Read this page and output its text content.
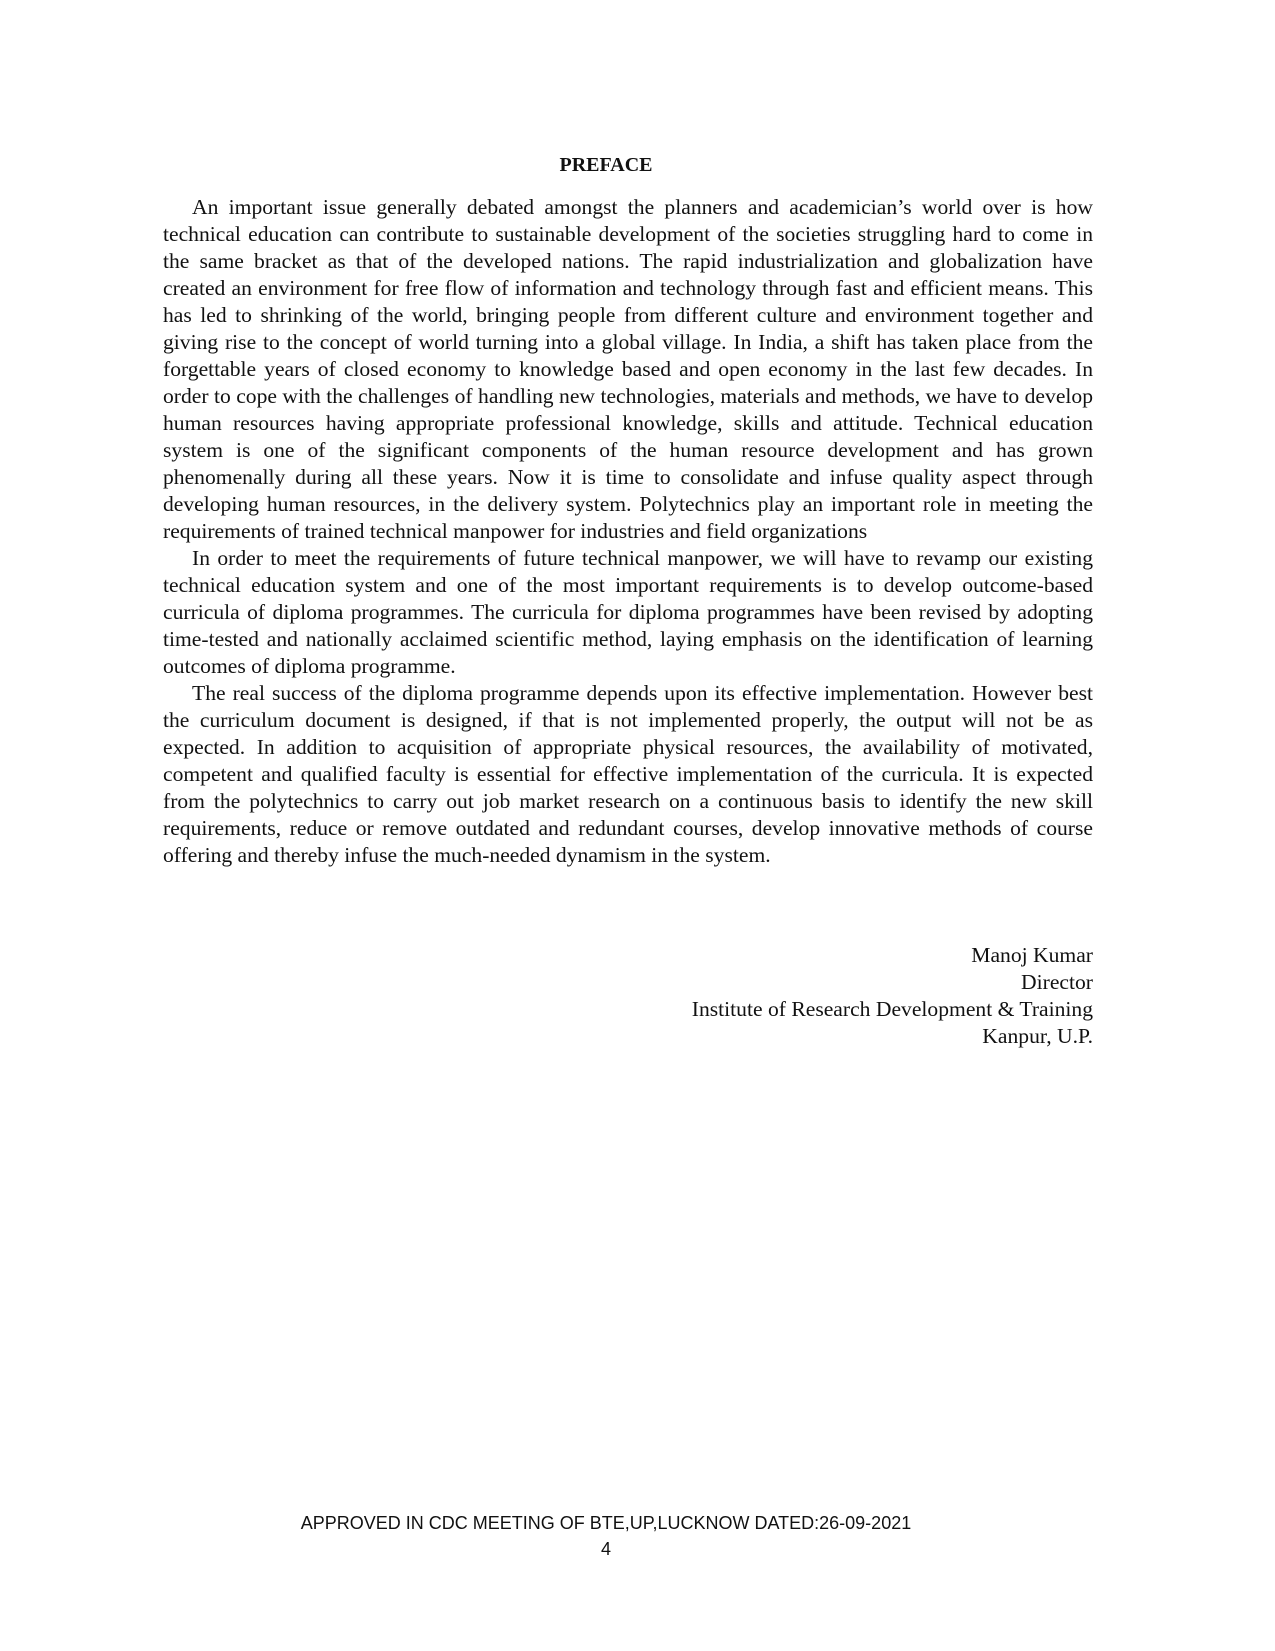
PREFACE

An important issue generally debated amongst the planners and academician’s world over is how technical education can contribute to sustainable development of the societies struggling hard to come in the same bracket as that of the developed nations. The rapid industrialization and globalization have created an environment for free flow of information and technology through fast and efficient means. This has led to shrinking of the world, bringing people from different culture and environment together and giving rise to the concept of world turning into a global village. In India, a shift has taken place from the forgettable years of closed economy to knowledge based and open economy in the last few decades. In order to cope with the challenges of handling new technologies, materials and methods, we have to develop human resources having appropriate professional knowledge, skills and attitude. Technical education system is one of the significant components of the human resource development and has grown phenomenally during all these years. Now it is time to consolidate and infuse quality aspect through developing human resources, in the delivery system. Polytechnics play an important role in meeting the requirements of trained technical manpower for industries and field organizations

In order to meet the requirements of future technical manpower, we will have to revamp our existing technical education system and one of the most important requirements is to develop outcome-based curricula of diploma programmes. The curricula for diploma programmes have been revised by adopting time-tested and nationally acclaimed scientific method, laying emphasis on the identification of learning outcomes of diploma programme.

The real success of the diploma programme depends upon its effective implementation. However best the curriculum document is designed, if that is not implemented properly, the output will not be as expected. In addition to acquisition of appropriate physical resources, the availability of motivated, competent and qualified faculty is essential for effective implementation of the curricula. It is expected from the polytechnics to carry out job market research on a continuous basis to identify the new skill requirements, reduce or remove outdated and redundant courses, develop innovative methods of course offering and thereby infuse the much-needed dynamism in the system.

Manoj Kumar
Director
Institute of Research Development & Training
Kanpur, U.P.
APPROVED IN CDC MEETING OF BTE,UP,LUCKNOW DATED:26-09-2021
4
